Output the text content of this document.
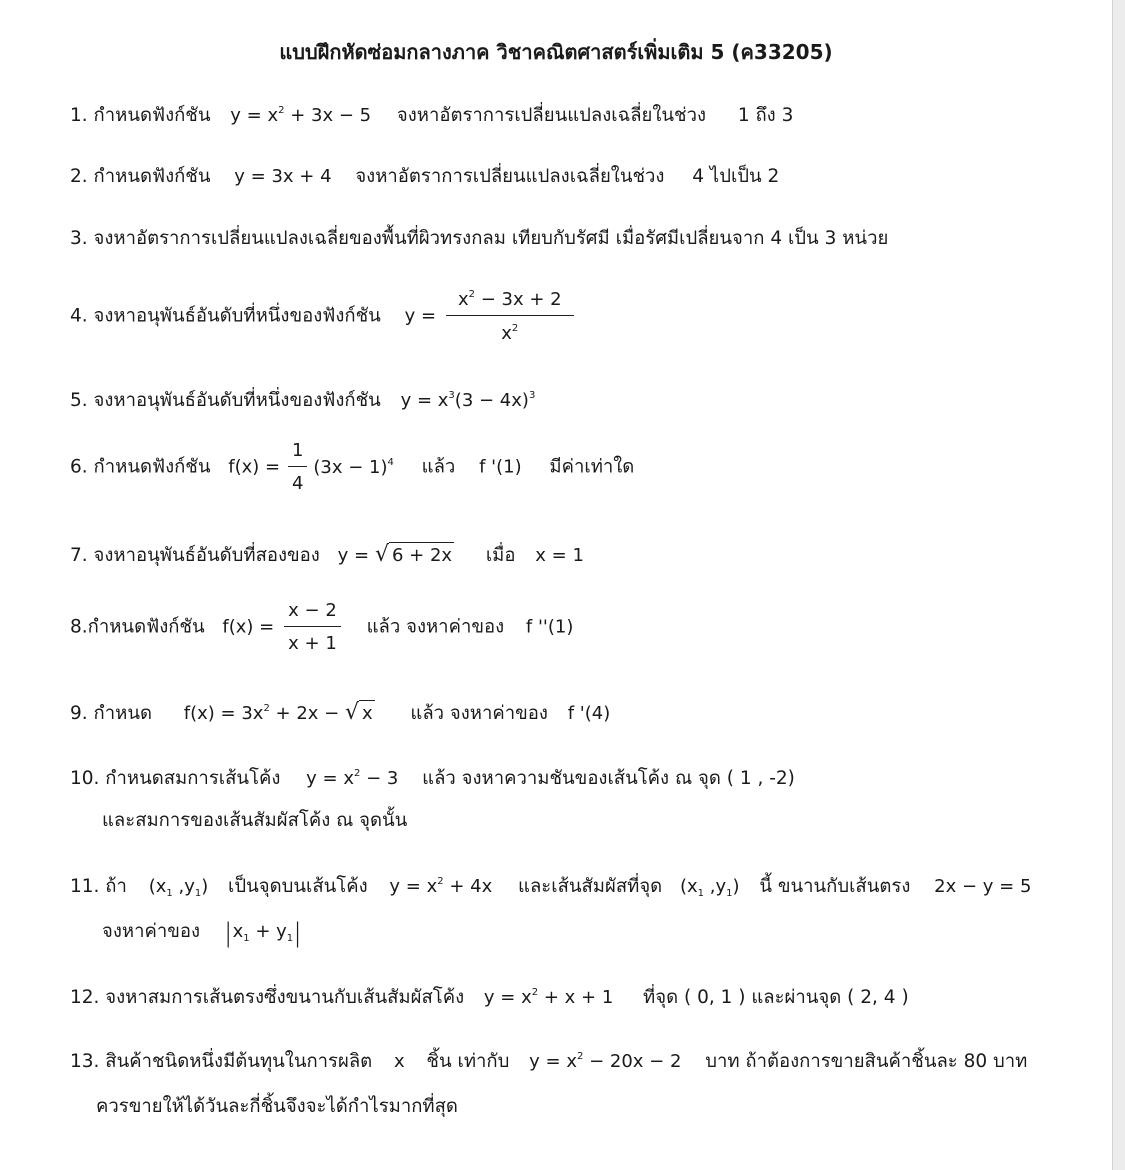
แบบฝึกหัดซ่อมกลางภาค วิชาคณิตศาสตร์เพิ่มเติม 5 (ค33205)
1. กำหนดฟังก์ชัน $y = x^2 + 3x - 5$ จงหาอัตราการเปลี่ยนแปลงเฉลี่ยในช่วง 1 ถึง 3
2. กำหนดฟังก์ชัน y = 3x + 4 จงหาอัตราการเปลี่ยนแปลงเฉลี่ยในช่วง 4 ไปเป็น 2
3. จงหาอัตราการเปลี่ยนแปลงเฉลี่ยของพื้นที่ผิวทรงกลม เทียบกับรัศมี เมื่อรัศมีเปลี่ยนจาก 4 เป็น 3 หน่วย
4. จงหาอนุพันธ์อันดับที่หนึ่งของฟังก์ชัน $y = \frac{x^2 - 3x + 2}{x^2}$
5. จงหาอนุพันธ์อันดับที่หนึ่งของฟังก์ชัน $y = x^3(3 - 4x)^3$
6. กำหนดฟังก์ชัน $f(x) = \frac{1}{4} (3x - 1)^4$ แล้ว f '(1) มีค่าเท่าใด
7. จงหาอนุพันธ์อันดับที่สองของ y = √ 6 + 2x เมื่อ x = 1
8.กำหนดฟังก์ชัน $f(x) = \frac{x - 2}{x + 1}$ แล้ว จงหาค่าของ f ''(1)
9. กำหนด $f(x) = 3x^2 + 2x$ − √ x แล้ว จงหาค่าของ f '(4)
10. กำหนดสมการเส้นโค้ง $y = x^2 - 3$ แล้ว จงหาความชันของเส้นโค้ง ณ จุด ( 1 , -2)
และสมการของเส้นสัมผัสโค้ง ณ จุดนั้น
11. ถ้า ($x_1$ $,y_1$) เป็นจุดบนเส้นโค้ง $y = x^2 + 4x$ และเส้นสัมผัสที่จุด ($x_1$ $,y_1$) นี้ ขนานกับเส้นตรง 2x − y = 5
จงหาค่าของ $|x_1 + y_1|$
12. จงหาสมการเส้นตรงซึ่งขนานกับเส้นสัมผัสโค้ง $y = x^2 + x + 1$ ที่จุด ( 0, 1 ) และผ่านจุด ( 2, 4 )
13. สินค้าชนิดหนึ่งมีต้นทุนในการผลิต x ชิ้น เท่ากับ $y = x^2 - 20x - 2$ บาท ถ้าต้องการขายสินค้าชิ้นละ 80 บาท
ควรขายให้ได้วันละกี่ชิ้นจึงจะได้กำไรมากที่สุด
